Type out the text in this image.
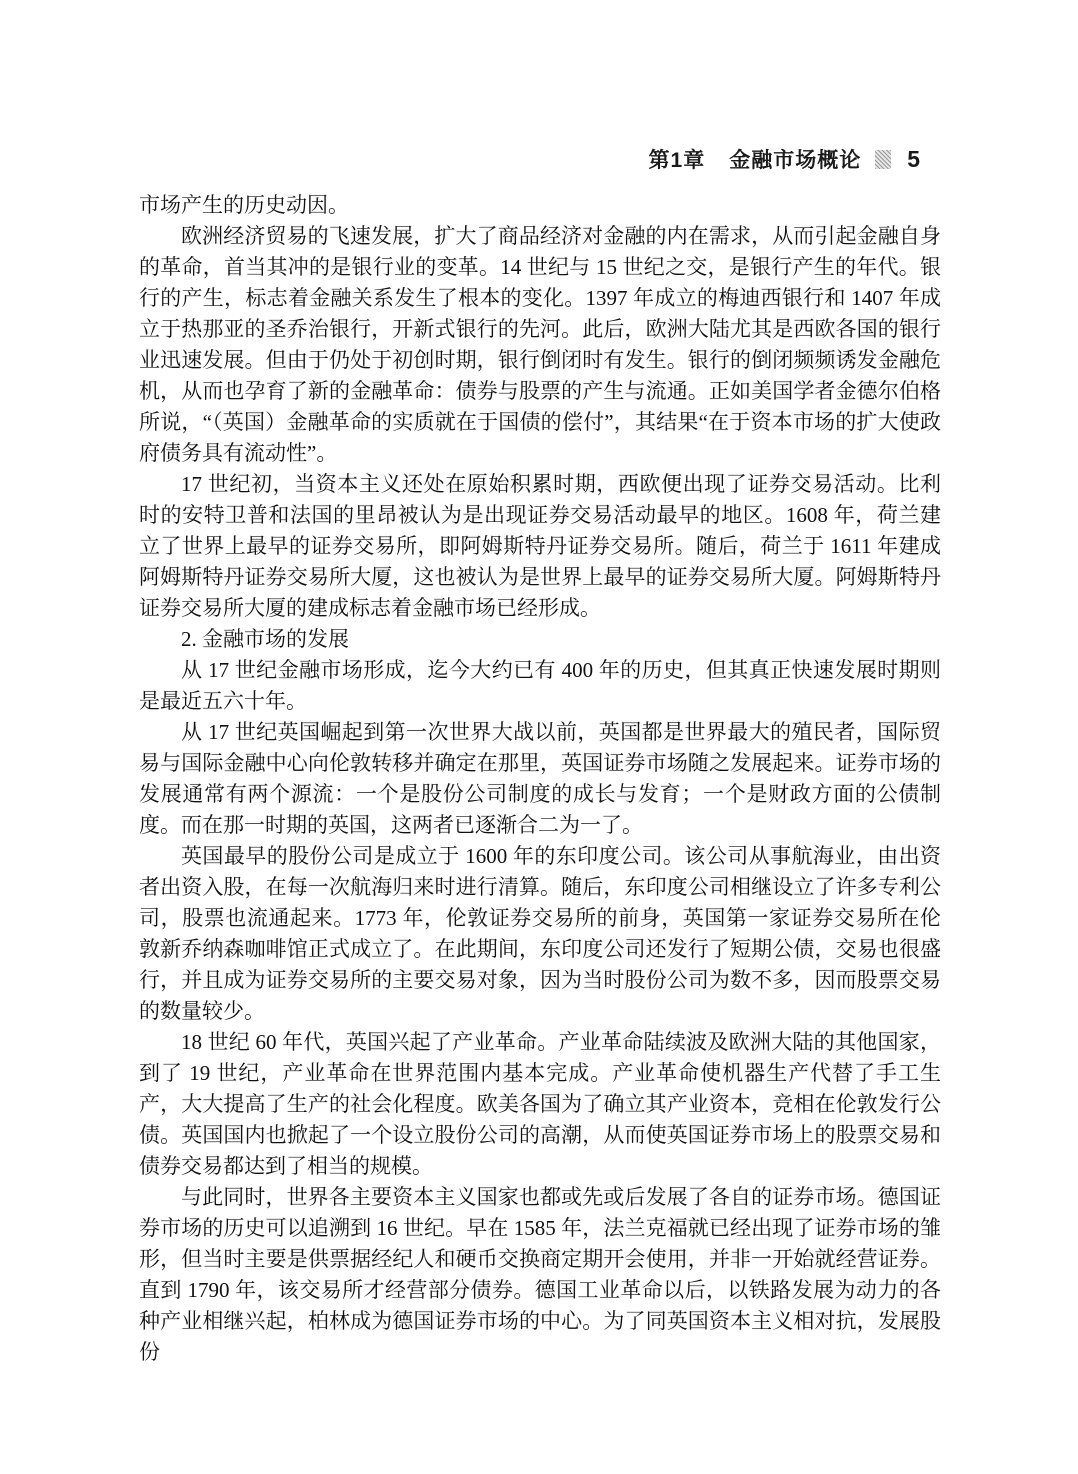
第1章 金融市场概论 5

市场产生的历史动因。

欧洲经济贸易的飞速发展，扩大了商品经济对金融的内在需求，从而引起金融自身的革命，首当其冲的是银行业的变革。14 世纪与 15 世纪之交，是银行产生的年代。银行的产生，标志着金融关系发生了根本的变化。1397 年成立的梅迪西银行和 1407 年成立于热那亚的圣乔治银行，开新式银行的先河。此后，欧洲大陆尤其是西欧各国的银行业迅速发展。但由于仍处于初创时期，银行倒闭时有发生。银行的倒闭频频诱发金融危机，从而也孕育了新的金融革命：债券与股票的产生与流通。正如美国学者金德尔伯格所说，“（英国）金融革命的实质就在于国债的偿付”，其结果“在于资本市场的扩大使政府债务具有流动性”。

17 世纪初，当资本主义还处在原始积累时期，西欧便出现了证券交易活动。比利时的安特卫普和法国的里昂被认为是出现证券交易活动最早的地区。1608 年，荷兰建立了世界上最早的证券交易所，即阿姆斯特丹证券交易所。随后，荷兰于 1611 年建成阿姆斯特丹证券交易所大厦，这也被认为是世界上最早的证券交易所大厦。阿姆斯特丹证券交易所大厦的建成标志着金融市场已经形成。

2. 金融市场的发展

从 17 世纪金融市场形成，迄今大约已有 400 年的历史，但其真正快速发展时期则是最近五六十年。

从 17 世纪英国崛起到第一次世界大战以前，英国都是世界最大的殖民者，国际贸易与国际金融中心向伦敦转移并确定在那里，英国证券市场随之发展起来。证券市场的发展通常有两个源流：一个是股份公司制度的成长与发育；一个是财政方面的公债制度。而在那一时期的英国，这两者已逐渐合二为一了。

英国最早的股份公司是成立于 1600 年的东印度公司。该公司从事航海业，由出资者出资入股，在每一次航海归来时进行清算。随后，东印度公司相继设立了许多专利公司，股票也流通起来。1773 年，伦敦证券交易所的前身，英国第一家证券交易所在伦敦新乔纳森咖啡馆正式成立了。在此期间，东印度公司还发行了短期公债，交易也很盛行，并且成为证券交易所的主要交易对象，因为当时股份公司为数不多，因而股票交易的数量较少。

18 世纪 60 年代，英国兴起了产业革命。产业革命陆续波及欧洲大陆的其他国家，到了 19 世纪，产业革命在世界范围内基本完成。产业革命使机器生产代替了手工生产，大大提高了生产的社会化程度。欧美各国为了确立其产业资本，竞相在伦敦发行公债。英国国内也掀起了一个设立股份公司的高潮，从而使英国证券市场上的股票交易和债券交易都达到了相当的规模。

与此同时，世界各主要资本主义国家也都或先或后发展了各自的证券市场。德国证券市场的历史可以追溯到 16 世纪。早在 1585 年，法兰克福就已经出现了证券市场的雏形，但当时主要是供票据经纪人和硬币交换商定期开会使用，并非一开始就经营证券。直到 1790 年，该交易所才经营部分债券。德国工业革命以后，以铁路发展为动力的各种产业相继兴起，柏林成为德国证券市场的中心。为了同英国资本主义相对抗，发展股份
